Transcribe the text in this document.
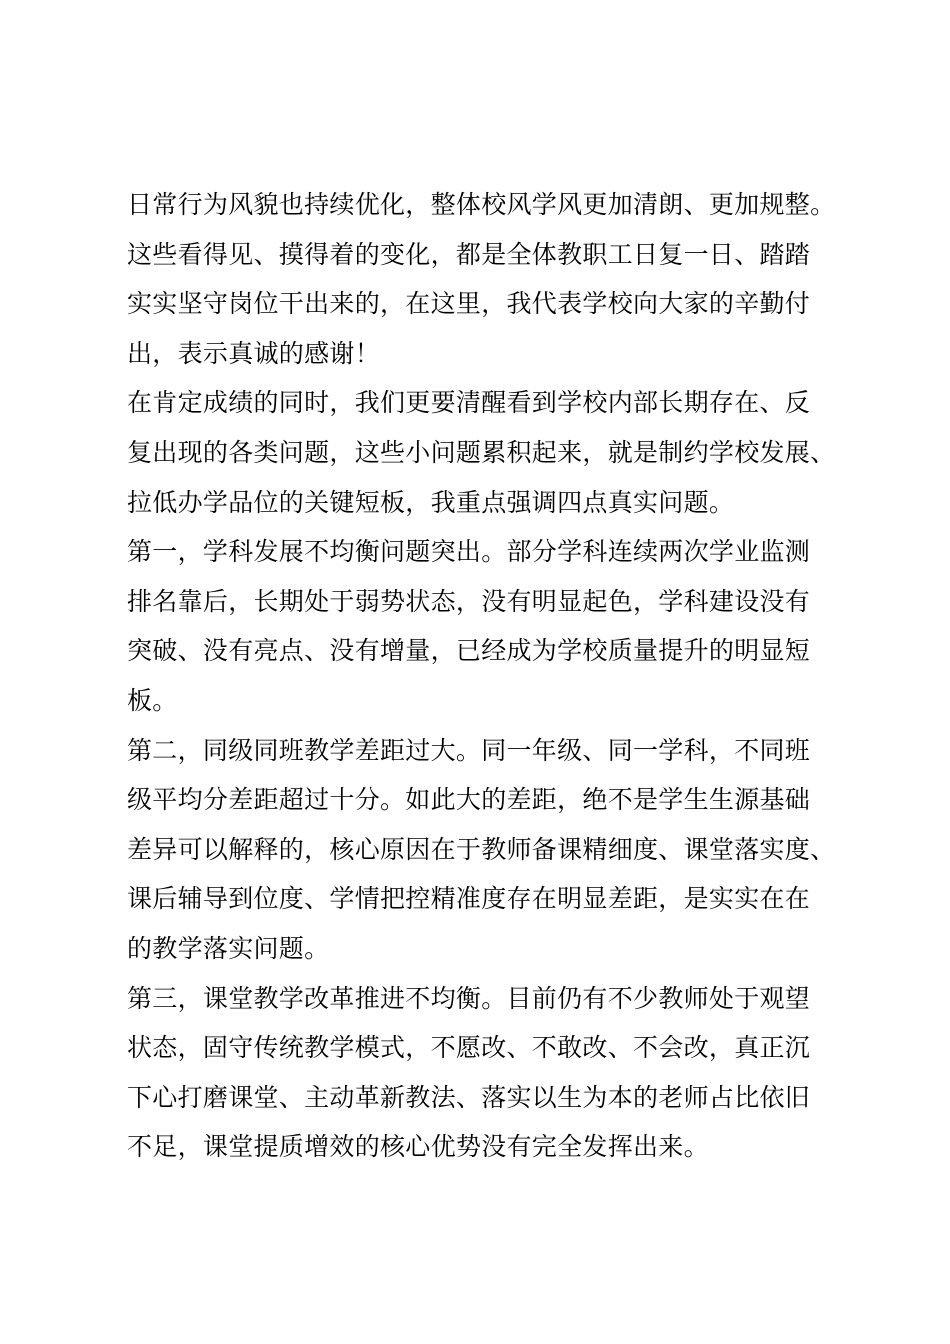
日常行为风貌也持续优化，整体校风学风更加清朗、更加规整。
这些看得见、摸得着的变化，都是全体教职工日复一日、踏踏
实实坚守岗位干出来的，在这里，我代表学校向大家的辛勤付
出，表示真诚的感谢！
在肯定成绩的同时，我们更要清醒看到学校内部长期存在、反
复出现的各类问题，这些小问题累积起来，就是制约学校发展、
拉低办学品位的关键短板，我重点强调四点真实问题。
第一，学科发展不均衡问题突出。部分学科连续两次学业监测
排名靠后，长期处于弱势状态，没有明显起色，学科建设没有
突破、没有亮点、没有增量，已经成为学校质量提升的明显短
板。
第二，同级同班教学差距过大。同一年级、同一学科，不同班
级平均分差距超过十分。如此大的差距，绝不是学生生源基础
差异可以解释的，核心原因在于教师备课精细度、课堂落实度、
课后辅导到位度、学情把控精准度存在明显差距，是实实在在
的教学落实问题。
第三，课堂教学改革推进不均衡。目前仍有不少教师处于观望
状态，固守传统教学模式，不愿改、不敢改、不会改，真正沉
下心打磨课堂、主动革新教法、落实以生为本的老师占比依旧
不足，课堂提质增效的核心优势没有完全发挥出来。
